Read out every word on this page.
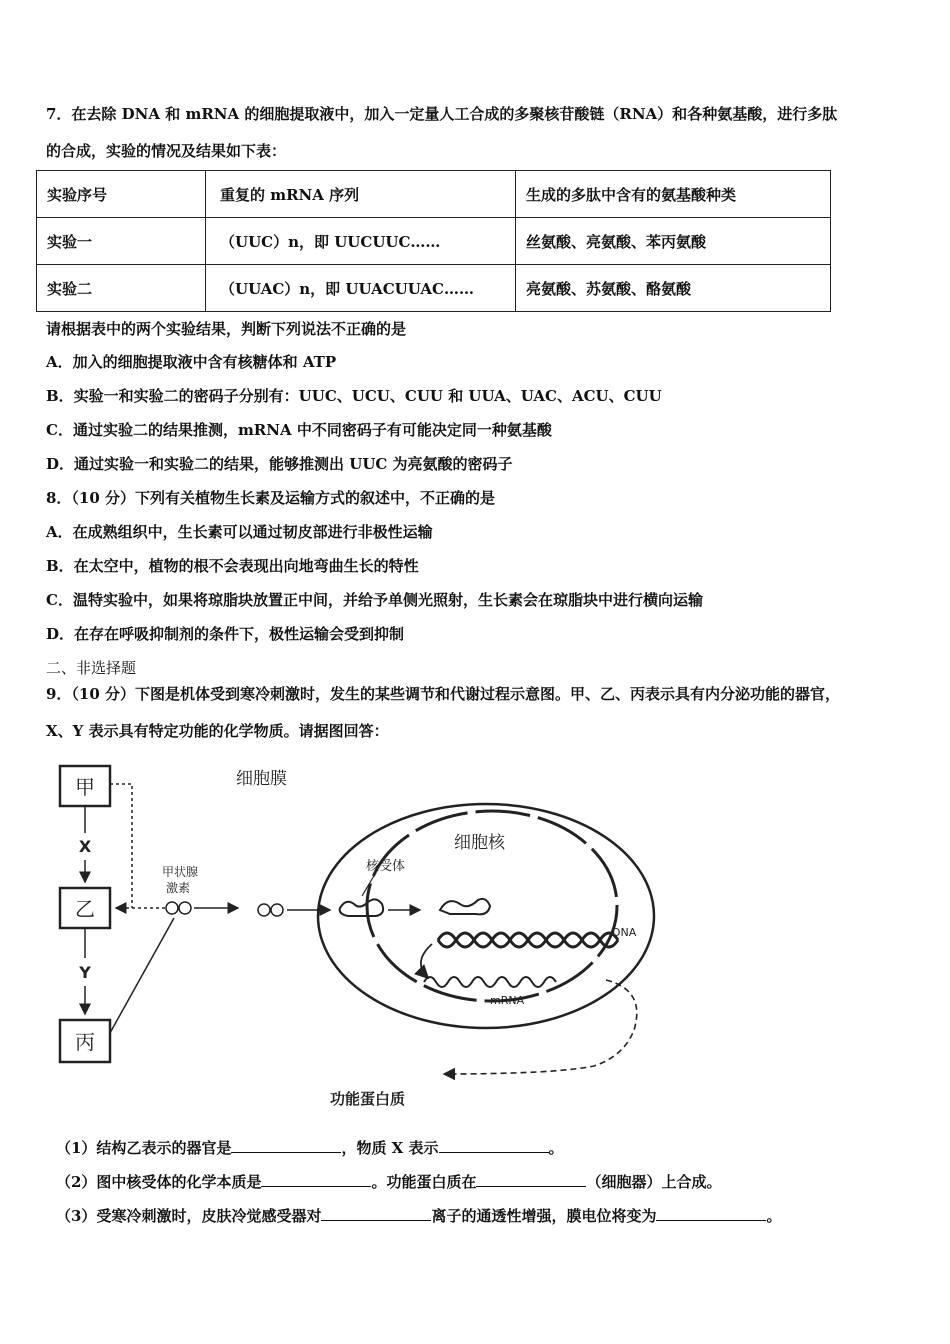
7．在去除 DNA 和 mRNA 的细胞提取液中，加入一定量人工合成的多聚核苷酸链（RNA）和各种氨基酸，进行多肽
的合成，实验的情况及结果如下表：
实验序号	重复的 mRNA 序列	生成的多肽中含有的氨基酸种类
实验一	（UUC）n，即 UUCUUC……	丝氨酸、亮氨酸、苯丙氨酸
实验二	（UUAC）n，即 UUACUUAC……	亮氨酸、苏氨酸、酪氨酸
请根据表中的两个实验结果，判断下列说法不正确的是
A．加入的细胞提取液中含有核糖体和 ATP
B．实验一和实验二的密码子分别有：UUC、UCU、CUU 和 UUA、UAC、ACU、CUU
C．通过实验二的结果推测，mRNA 中不同密码子有可能决定同一种氨基酸
D．通过实验一和实验二的结果，能够推测出 UUC 为亮氨酸的密码子
8．（10 分）下列有关植物生长素及运输方式的叙述中，不正确的是
A．在成熟组织中，生长素可以通过韧皮部进行非极性运输
B．在太空中，植物的根不会表现出向地弯曲生长的特性
C．温特实验中，如果将琼脂块放置正中间，并给予单侧光照射，生长素会在琼脂块中进行横向运输
D．在存在呼吸抑制剂的条件下，极性运输会受到抑制
二、非选择题
9．（10 分）下图是机体受到寒冷刺激时，发生的某些调节和代谢过程示意图。甲、乙、丙表示具有内分泌功能的器官，
X、Y 表示具有特定功能的化学物质。请据图回答：
甲
X
乙
Y
丙
甲状腺
激素
细胞膜
细胞核
核受体
DNA
mRNA
功能蛋白质
（1）结构乙表示的器官是	，物质 X 表示	。
（2）图中核受体的化学本质是	。功能蛋白质在	（细胞器）上合成。
（3）受寒冷刺激时，皮肤冷觉感受器对	离子的通透性增强，膜电位将变为	。
